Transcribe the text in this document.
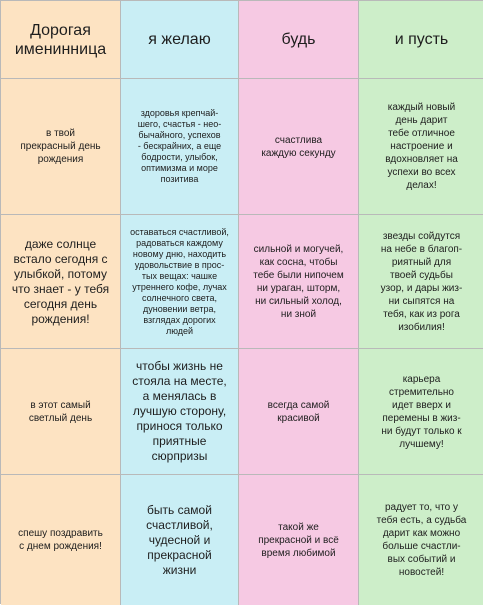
Дорогая
именинница
я желаю	будь	и пусть
в твой
прекрасный день
рождения
здоровья крепчай-
шего, счастья - нео-
бычайного, успехов
- бескрайних, а еще
бодрости, улыбок,
оптимизма и море
позитива
счастлива
каждую секунду
каждый новый
день дарит
тебе отличное
настроение и
вдохновляет на
успехи во всех
делах!
даже солнце
встало сегодня с
улыбкой, потому
что знает - у тебя
сегодня день
рождения!
оставаться счастливой,
радоваться каждому
новому дню, находить
удовольствие в прос-
тых вещах: чашке
утреннего кофе, лучах
солнечного света,
дуновении ветра,
взглядах дорогих
людей
сильной и могучей,
как сосна, чтобы
тебе были нипочем
ни ураган, шторм,
ни сильный холод,
ни зной
звезды сойдутся
на небе в благоп-
риятный для
твоей судьбы
узор, и дары жиз-
ни сыпятся на
тебя, как из рога
изобилия!
в этот самый
светлый день
чтобы жизнь не
стояла на месте,
а менялась в
лучшую сторону,
принося только
приятные
сюрпризы
всегда самой
красивой
карьера
стремительно
идет вверх и
перемены в жиз-
ни будут только к
лучшему!
спешу поздравить
с днем рождения!
быть самой
счастливой,
чудесной и
прекрасной
жизни
такой же
прекрасной и всё
время любимой
радует то, что у
тебя есть, а судьба
дарит как можно
больше счастли-
вых событий и
новостей!
